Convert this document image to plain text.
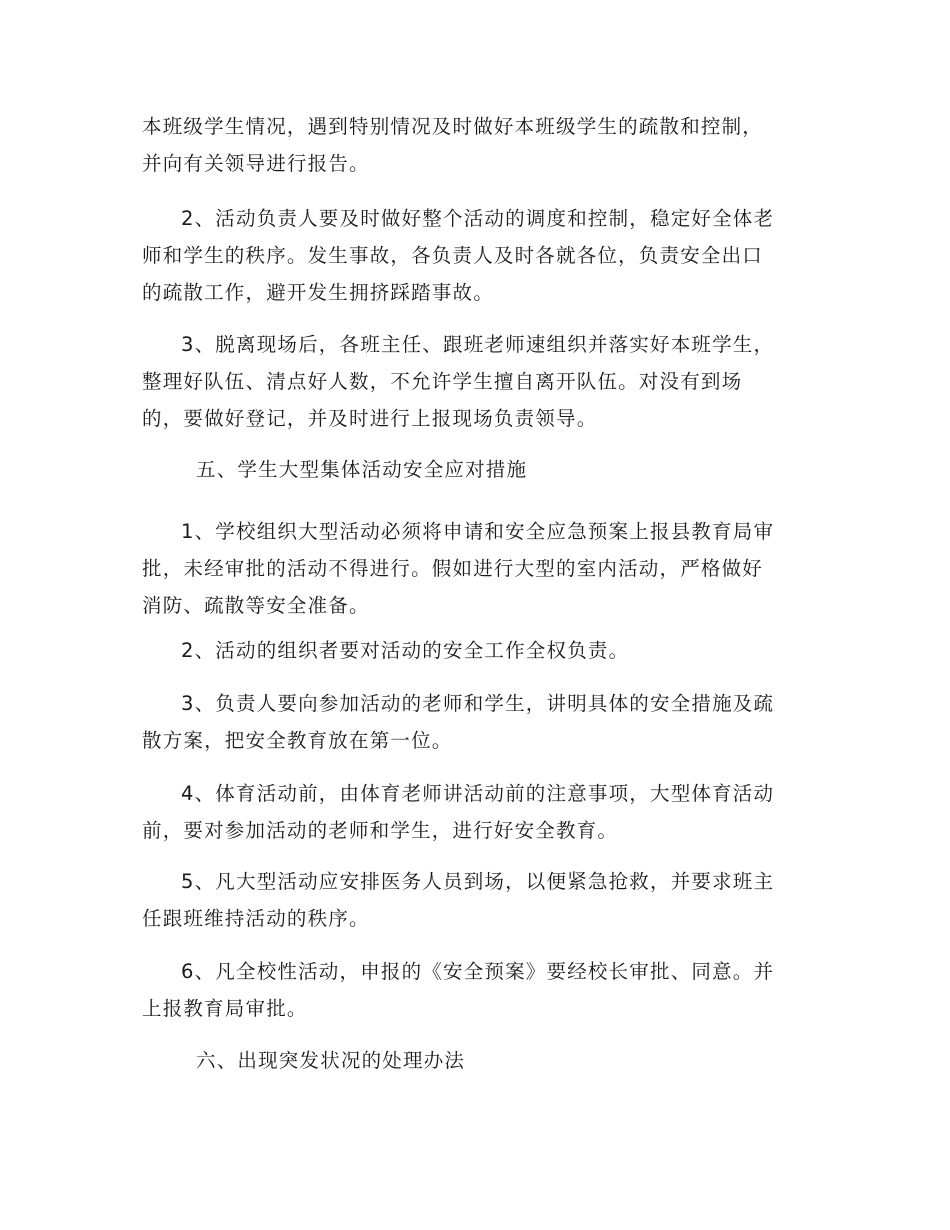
本班级学生情况，遇到特别情况及时做好本班级学生的疏散和控制，
并向有关领导进行报告。

2、活动负责人要及时做好整个活动的调度和控制，稳定好全体老
师和学生的秩序。发生事故，各负责人及时各就各位，负责安全出口
的疏散工作，避开发生拥挤踩踏事故。

3、脱离现场后，各班主任、跟班老师速组织并落实好本班学生，
整理好队伍、清点好人数，不允许学生擅自离开队伍。对没有到场
的，要做好登记，并及时进行上报现场负责领导。

五、学生大型集体活动安全应对措施

1、学校组织大型活动必须将申请和安全应急预案上报县教育局审
批，未经审批的活动不得进行。假如进行大型的室内活动，严格做好
消防、疏散等安全准备。

2、活动的组织者要对活动的安全工作全权负责。

3、负责人要向参加活动的老师和学生，讲明具体的安全措施及疏
散方案，把安全教育放在第一位。

4、体育活动前，由体育老师讲活动前的注意事项，大型体育活动
前，要对参加活动的老师和学生，进行好安全教育。

5、凡大型活动应安排医务人员到场，以便紧急抢救，并要求班主
任跟班维持活动的秩序。

6、凡全校性活动，申报的《安全预案》要经校长审批、同意。并
上报教育局审批。

六、出现突发状况的处理办法
